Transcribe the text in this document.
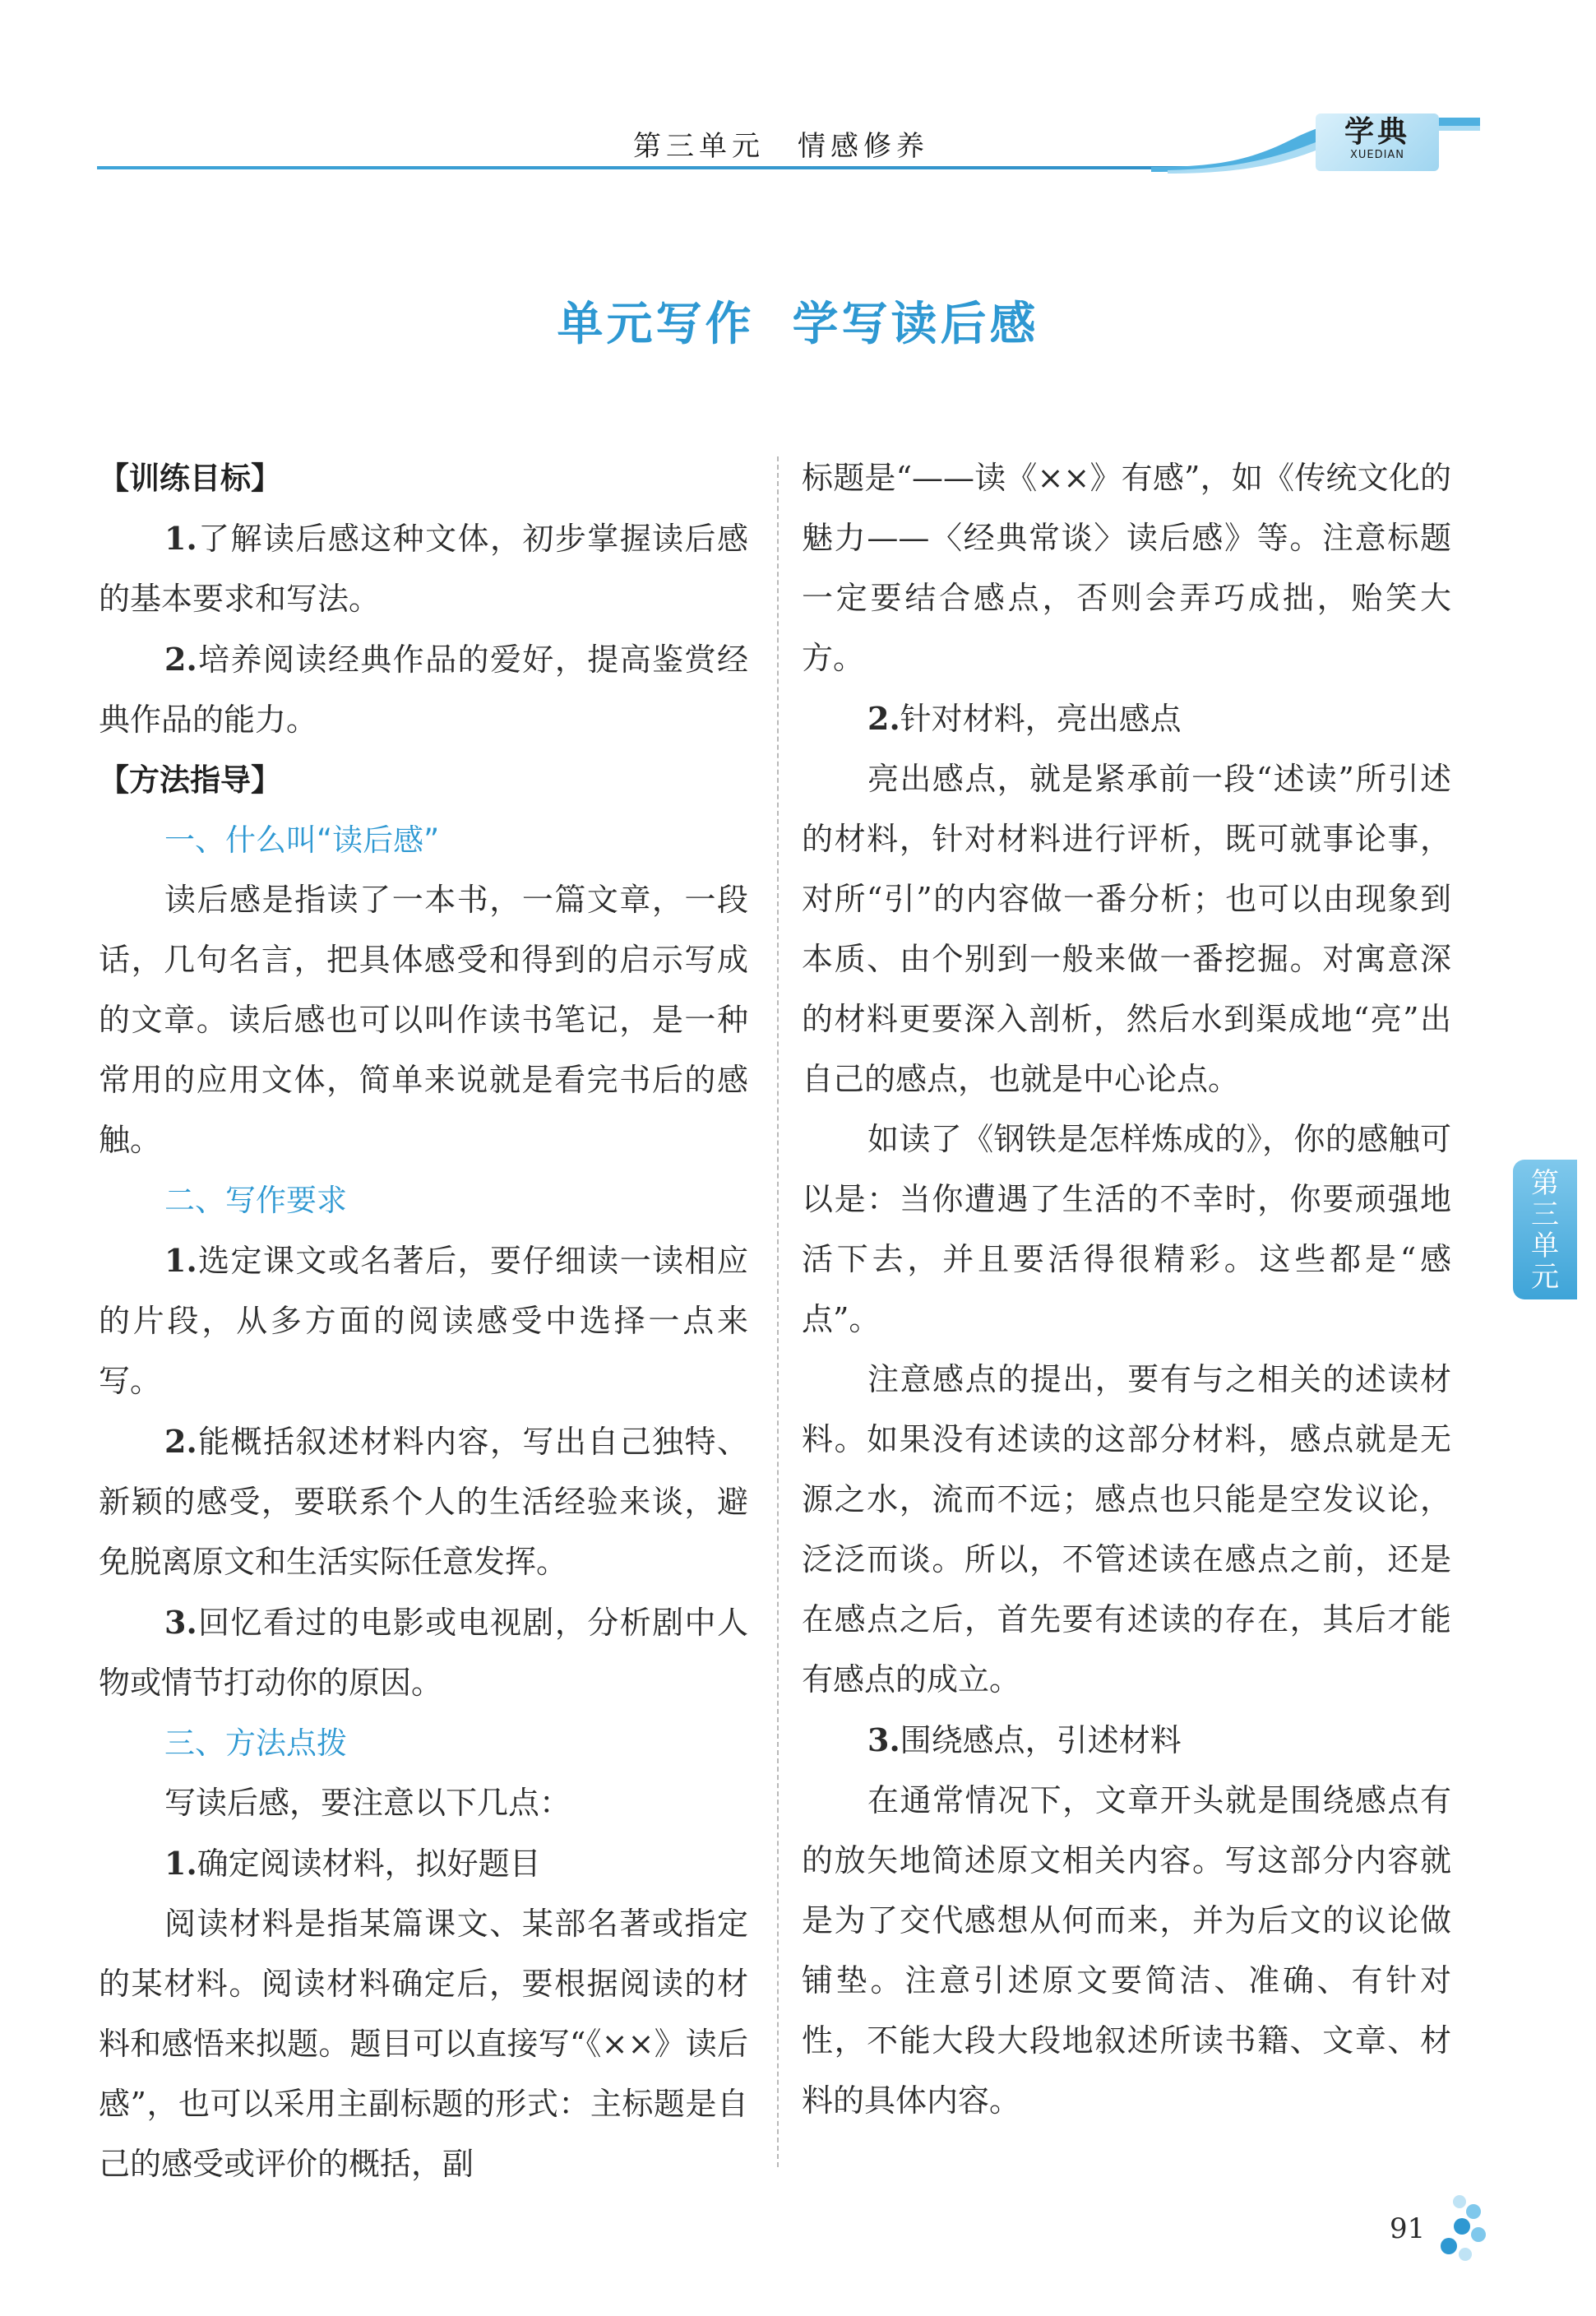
第三单元 情感修养	学典
XUEDIAN
单元写作 学写读后感

【训练目标】

1.了解读后感这种文体，初步掌握读后感的基本要求和写法。

2.培养阅读经典作品的爱好，提高鉴赏经典作品的能力。

【方法指导】

一、什么叫“读后感”

读后感是指读了一本书，一篇文章，一段话，几句名言，把具体感受和得到的启示写成的文章。读后感也可以叫作读书笔记，是一种常用的应用文体，简单来说就是看完书后的感触。

二、写作要求

1.选定课文或名著后，要仔细读一读相应的片段，从多方面的阅读感受中选择一点来写。

2.能概括叙述材料内容，写出自己独特、新颖的感受，要联系个人的生活经验来谈，避免脱离原文和生活实际任意发挥。

3.回忆看过的电影或电视剧，分析剧中人物或情节打动你的原因。

三、方法点拨

写读后感，要注意以下几点：

1.确定阅读材料，拟好题目

阅读材料是指某篇课文、某部名著或指定的某材料。阅读材料确定后，要根据阅读的材料和感悟来拟题。题目可以直接写“《××》读后感”，也可以采用主副标题的形式：主标题是自己的感受或评价的概括，副

标题是“——读《××》有感”，如《传统文化的魅力——〈经典常谈〉读后感》等。注意标题一定要结合感点，否则会弄巧成拙，贻笑大方。

2.针对材料，亮出感点

亮出感点，就是紧承前一段“述读”所引述的材料，针对材料进行评析，既可就事论事，对所“引”的内容做一番分析；也可以由现象到本质、由个别到一般来做一番挖掘。对寓意深的材料更要深入剖析，然后水到渠成地“亮”出自己的感点，也就是中心论点。

如读了《钢铁是怎样炼成的》，你的感触可以是：当你遭遇了生活的不幸时，你要顽强地活下去，并且要活得很精彩。这些都是“感点”。

注意感点的提出，要有与之相关的述读材料。如果没有述读的这部分材料，感点就是无源之水，流而不远；感点也只能是空发议论，泛泛而谈。所以，不管述读在感点之前，还是在感点之后，首先要有述读的存在，其后才能有感点的成立。

3.围绕感点，引述材料

在通常情况下，文章开头就是围绕感点有的放矢地简述原文相关内容。写这部分内容就是为了交代感想从何而来，并为后文的议论做铺垫。注意引述原文要简洁、准确、有针对性，不能大段大段地叙述所读书籍、文章、材料的具体内容。

第
三
单
元
91
